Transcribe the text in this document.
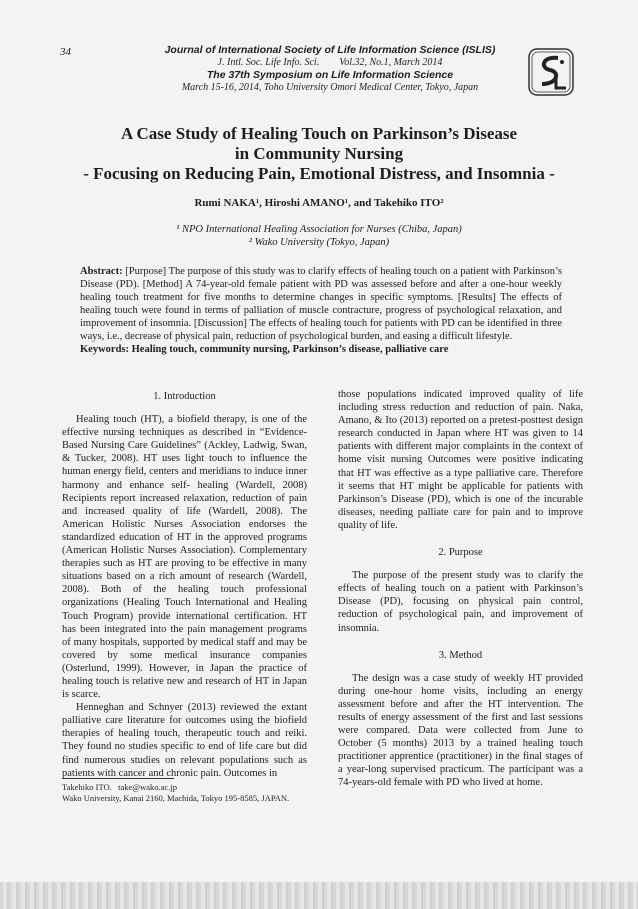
34	Journal of International Society of Life Information Science (ISLIS)
J. Intl. Soc. Life Info. Sci.        Vol.32, No.1, March 2014
The 37th Symposium on Life Information Science
March 15-16, 2014, Toho University Omori Medical Center, Tokyo, Japan
A Case Study of Healing Touch on Parkinson’s Disease
in Community Nursing
- Focusing on Reducing Pain, Emotional Distress, and Insomnia -
Rumi NAKA¹, Hiroshi AMANO¹, and Takehiko ITO²
¹ NPO International Healing Association for Nurses (Chiba, Japan)
² Wako University (Tokyo, Japan)
Abstract: [Purpose] The purpose of this study was to clarify effects of healing touch on a patient with Parkinson’s Disease (PD). [Method] A 74-year-old female patient with PD was assessed before and after a one-hour weekly healing touch treatment for five months to determine changes in specific symptoms. [Results] The effects of healing touch were found in terms of palliation of muscle contracture, progress of psychological relaxation, and improvement of insomnia. [Discussion] The effects of healing touch for patients with PD can be identified in three ways, i.e., decrease of physical pain, reduction of psychological burden, and easing a difficult lifestyle.
Keywords: Healing touch, community nursing, Parkinson’s disease, palliative care
1. Introduction

Healing touch (HT), a biofield therapy, is one of the effective nursing techniques as described in “Evidence-Based Nursing Care Guidelines” (Ackley, Ladwig, Swan, & Tucker, 2008). HT uses light touch to influence the human energy field, centers and meridians to induce inner harmony and enhance self- healing (Wardell, 2008) Recipients report increased relaxation, reduction of pain and increased quality of life (Wardell, 2008). The American Holistic Nurses Association endorses the standardized education of HT in the approved programs (American Holistic Nurses Association). Complementary therapies such as HT are proving to be effective in many situations based on a rich amount of research (Wardell, 2008). Both of the healing touch professional organizations (Healing Touch International and Healing Touch Program) provide international certification. HT has been integrated into the pain management programs of many hospitals, supported by medical staff and may be covered by some medical insurance companies (Osterlund, 1999). However, in Japan the practice of healing touch is relative new and research of HT in Japan is scarce.

Henneghan and Schnyer (2013) reviewed the extant palliative care literature for outcomes using the biofield therapies of healing touch, therapeutic touch and reiki. They found no studies specific to end of life care but did find numerous studies on relevant populations such as patients with cancer and chronic pain. Outcomes in

those populations indicated improved quality of life including stress reduction and reduction of pain. Naka, Amano, & Ito (2013) reported on a pretest-posttest design research conducted in Japan where HT was given to 14 patients with different major complaints in the context of home visit nursing Outcomes were positive indicating that HT was effective as a type palliative care. Therefore it seems that HT might be applicable for patients with Parkinson’s Disease (PD), which is one of the incurable diseases, needing palliate care for pain and to improve quality of life.

2. Purpose

The purpose of the present study was to clarify the effects of healing touch on a patient with Parkinson’s Disease (PD), focusing on physical pain control, reduction of psychological pain, and improvement of insomnia.

3. Method

The design was a case study of weekly HT provided during one-hour home visits, including an energy assessment before and after the HT intervention. The results of energy assessment of the first and last sessions were compared. Data were collected from June to October (5 months) 2013 by a trained healing touch practitioner apprentice (practitioner) in the final stages of a year-long supervised practicum. The participant was a 74-years-old female with PD who lived at home.

Takehiko ITO.   take@wako.ac.jp
Wako University, Kanai 2160, Machida, Tokyo 195-8585, JAPAN.
